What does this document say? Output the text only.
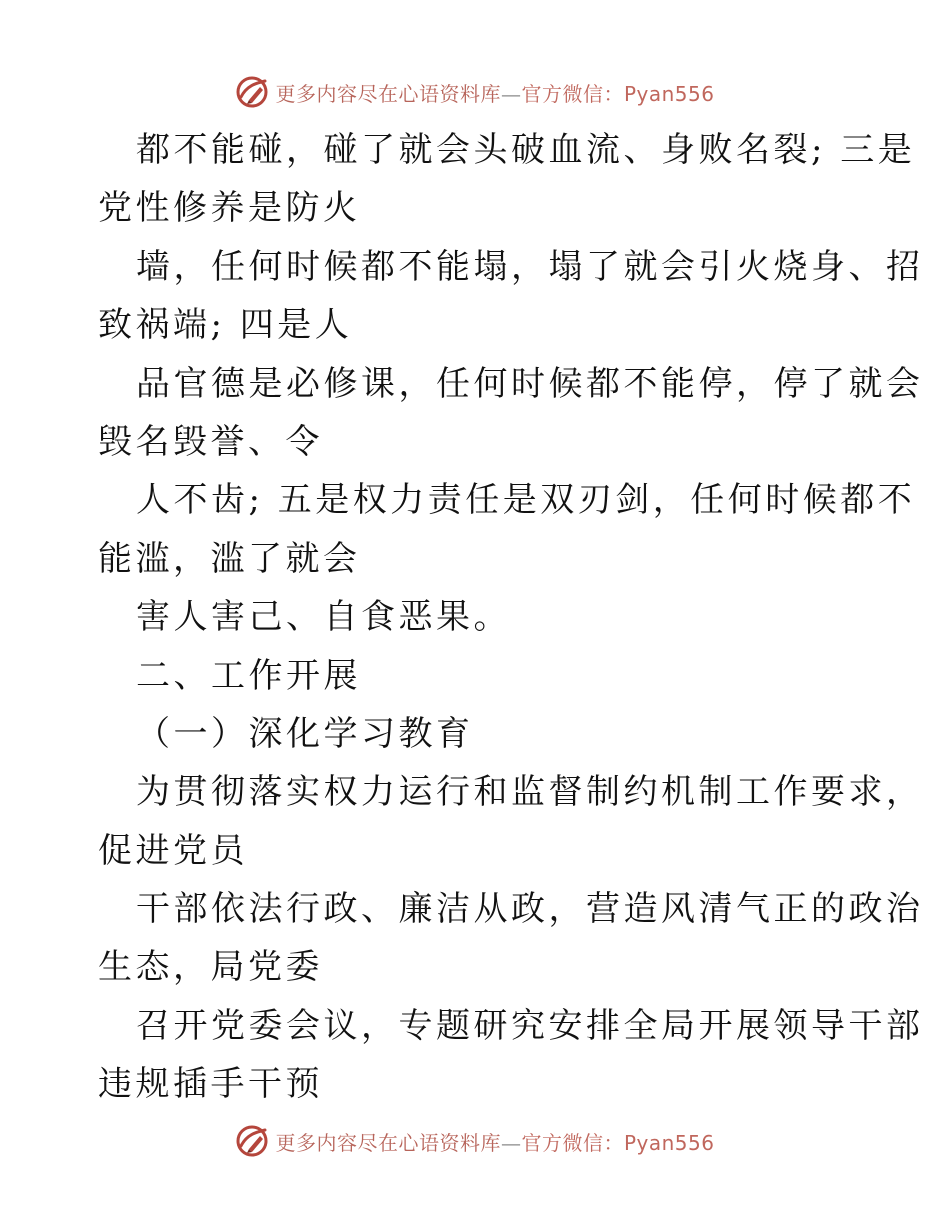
更多内容尽在心语资料库—官方微信：Pyan556
都不能碰，碰了就会头破血流、身败名裂; 三是
党性修养是防火
墙，任何时候都不能塌，塌了就会引火烧身、招
致祸端; 四是人
品官德是必修课，任何时候都不能停，停了就会
毁名毁誉、令
人不齿; 五是权力责任是双刃剑，任何时候都不
能滥，滥了就会
害人害己、自食恶果。
二、工作开展
（一）深化学习教育
为贯彻落实权力运行和监督制约机制工作要求，
促进党员
干部依法行政、廉洁从政，营造风清气正的政治
生态，局党委
召开党委会议，专题研究安排全局开展领导干部
违规插手干预
更多内容尽在心语资料库—官方微信：Pyan556
